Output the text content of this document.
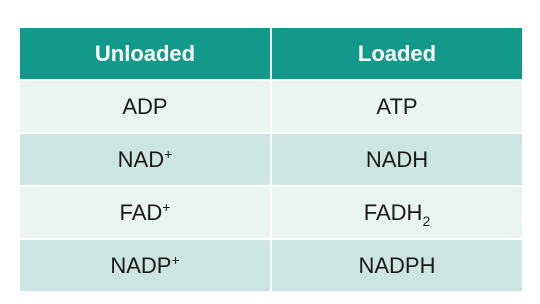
Unloaded	Loaded
ADP	ATP
NAD+	NADH
FAD+	$FADH_2$
NADP+	NADPH
